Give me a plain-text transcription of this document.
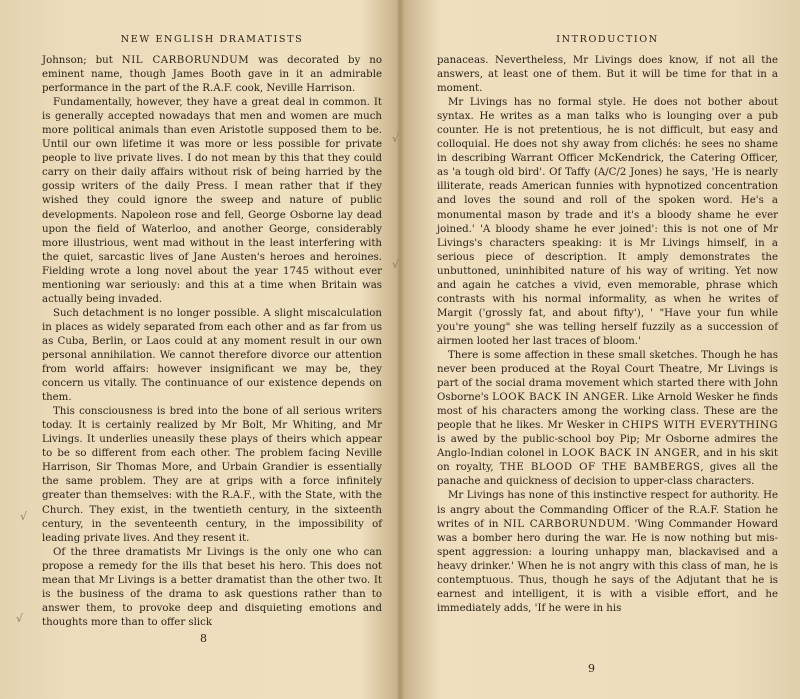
NEW ENGLISH DRAMATISTS

Johnson; but NIL CARBORUNDUM was decorated by no eminent name, though James Booth gave in it an admirable performance in the part of the R.A.F. cook, Neville Harrison.

Fundamentally, however, they have a great deal in common. It is generally accepted nowadays that men and women are much more political animals than even Aristotle supposed them to be. Until our own lifetime it was more or less possible for private people to live private lives. I do not mean by this that they could carry on their daily affairs without risk of being harried by the gossip writers of the daily Press. I mean rather that if they wished they could ignore the sweep and nature of public developments. Napoleon rose and fell, George Osborne lay dead upon the field of Waterloo, and another George, considerably more illustrious, went mad without in the least interfering with the quiet, sarcastic lives of Jane Austen's heroes and heroines. Fielding wrote a long novel about the year 1745 without ever mentioning war seriously: and this at a time when Britain was actually being invaded.

Such detachment is no longer possible. A slight miscalculation in places as widely separated from each other and as far from us as Cuba, Berlin, or Laos could at any moment result in our own personal annihilation. We cannot therefore divorce our attention from world affairs: however insignificant we may be, they concern us vitally. The continuance of our existence depends on them.

This consciousness is bred into the bone of all serious writers today. It is certainly realized by Mr Bolt, Mr Whiting, and Mr Livings. It underlies uneasily these plays of theirs which appear to be so different from each other. The problem facing Neville Harrison, Sir Thomas More, and Urbain Grandier is essentially the same problem. They are at grips with a force infinitely greater than themselves: with the R.A.F., with the State, with the Church. They exist, in the twentieth century, in the sixteenth century, in the seventeenth century, in the impossibility of leading private lives. And they resent it.

Of the three dramatists Mr Livings is the only one who can propose a remedy for the ills that beset his hero. This does not mean that Mr Livings is a better dramatist than the other two. It is the business of the drama to ask questions rather than to answer them, to provoke deep and disquieting emotions and thoughts more than to offer slick

8
√
√
INTRODUCTION

panaceas. Nevertheless, Mr Livings does know, if not all the answers, at least one of them. But it will be time for that in a moment.

Mr Livings has no formal style. He does not bother about syntax. He writes as a man talks who is lounging over a pub counter. He is not pretentious, he is not difficult, but easy and colloquial. He does not shy away from clichés: he sees no shame in describing Warrant Officer McKendrick, the Catering Officer, as 'a tough old bird'. Of Taffy (A/C/2 Jones) he says, 'He is nearly illiterate, reads American funnies with hypnotized concentration and loves the sound and roll of the spoken word. He's a monumental mason by trade and it's a bloody shame he ever joined.' 'A bloody shame he ever joined': this is not one of Mr Livings's characters speaking: it is Mr Livings himself, in a serious piece of description. It amply demonstrates the unbuttoned, uninhibited nature of his way of writing. Yet now and again he catches a vivid, even memorable, phrase which contrasts with his normal informality, as when he writes of Margit ('grossly fat, and about fifty'), ' "Have your fun while you're young" she was telling herself fuzzily as a succession of airmen looted her last traces of bloom.'

There is some affection in these small sketches. Though he has never been produced at the Royal Court Theatre, Mr Livings is part of the social drama movement which started there with John Osborne's LOOK BACK IN ANGER. Like Arnold Wesker he finds most of his characters among the working class. These are the people that he likes. Mr Wesker in CHIPS WITH EVERYTHING is awed by the public-school boy Pip; Mr Osborne admires the Anglo-Indian colonel in LOOK BACK IN ANGER, and in his skit on royalty, THE BLOOD OF THE BAMBERGS, gives all the panache and quickness of decision to upper-class characters.

Mr Livings has none of this instinctive respect for authority. He is angry about the Commanding Officer of the R.A.F. Station he writes of in NIL CARBORUNDUM. 'Wing Commander Howard was a bomber hero during the war. He is now nothing but mis-spent aggression: a louring unhappy man, blackavised and a heavy drinker.' When he is not angry with this class of man, he is contemptuous. Thus, though he says of the Adjutant that he is earnest and intelligent, it is with a visible effort, and he immediately adds, 'If he were in his

9
√
√
